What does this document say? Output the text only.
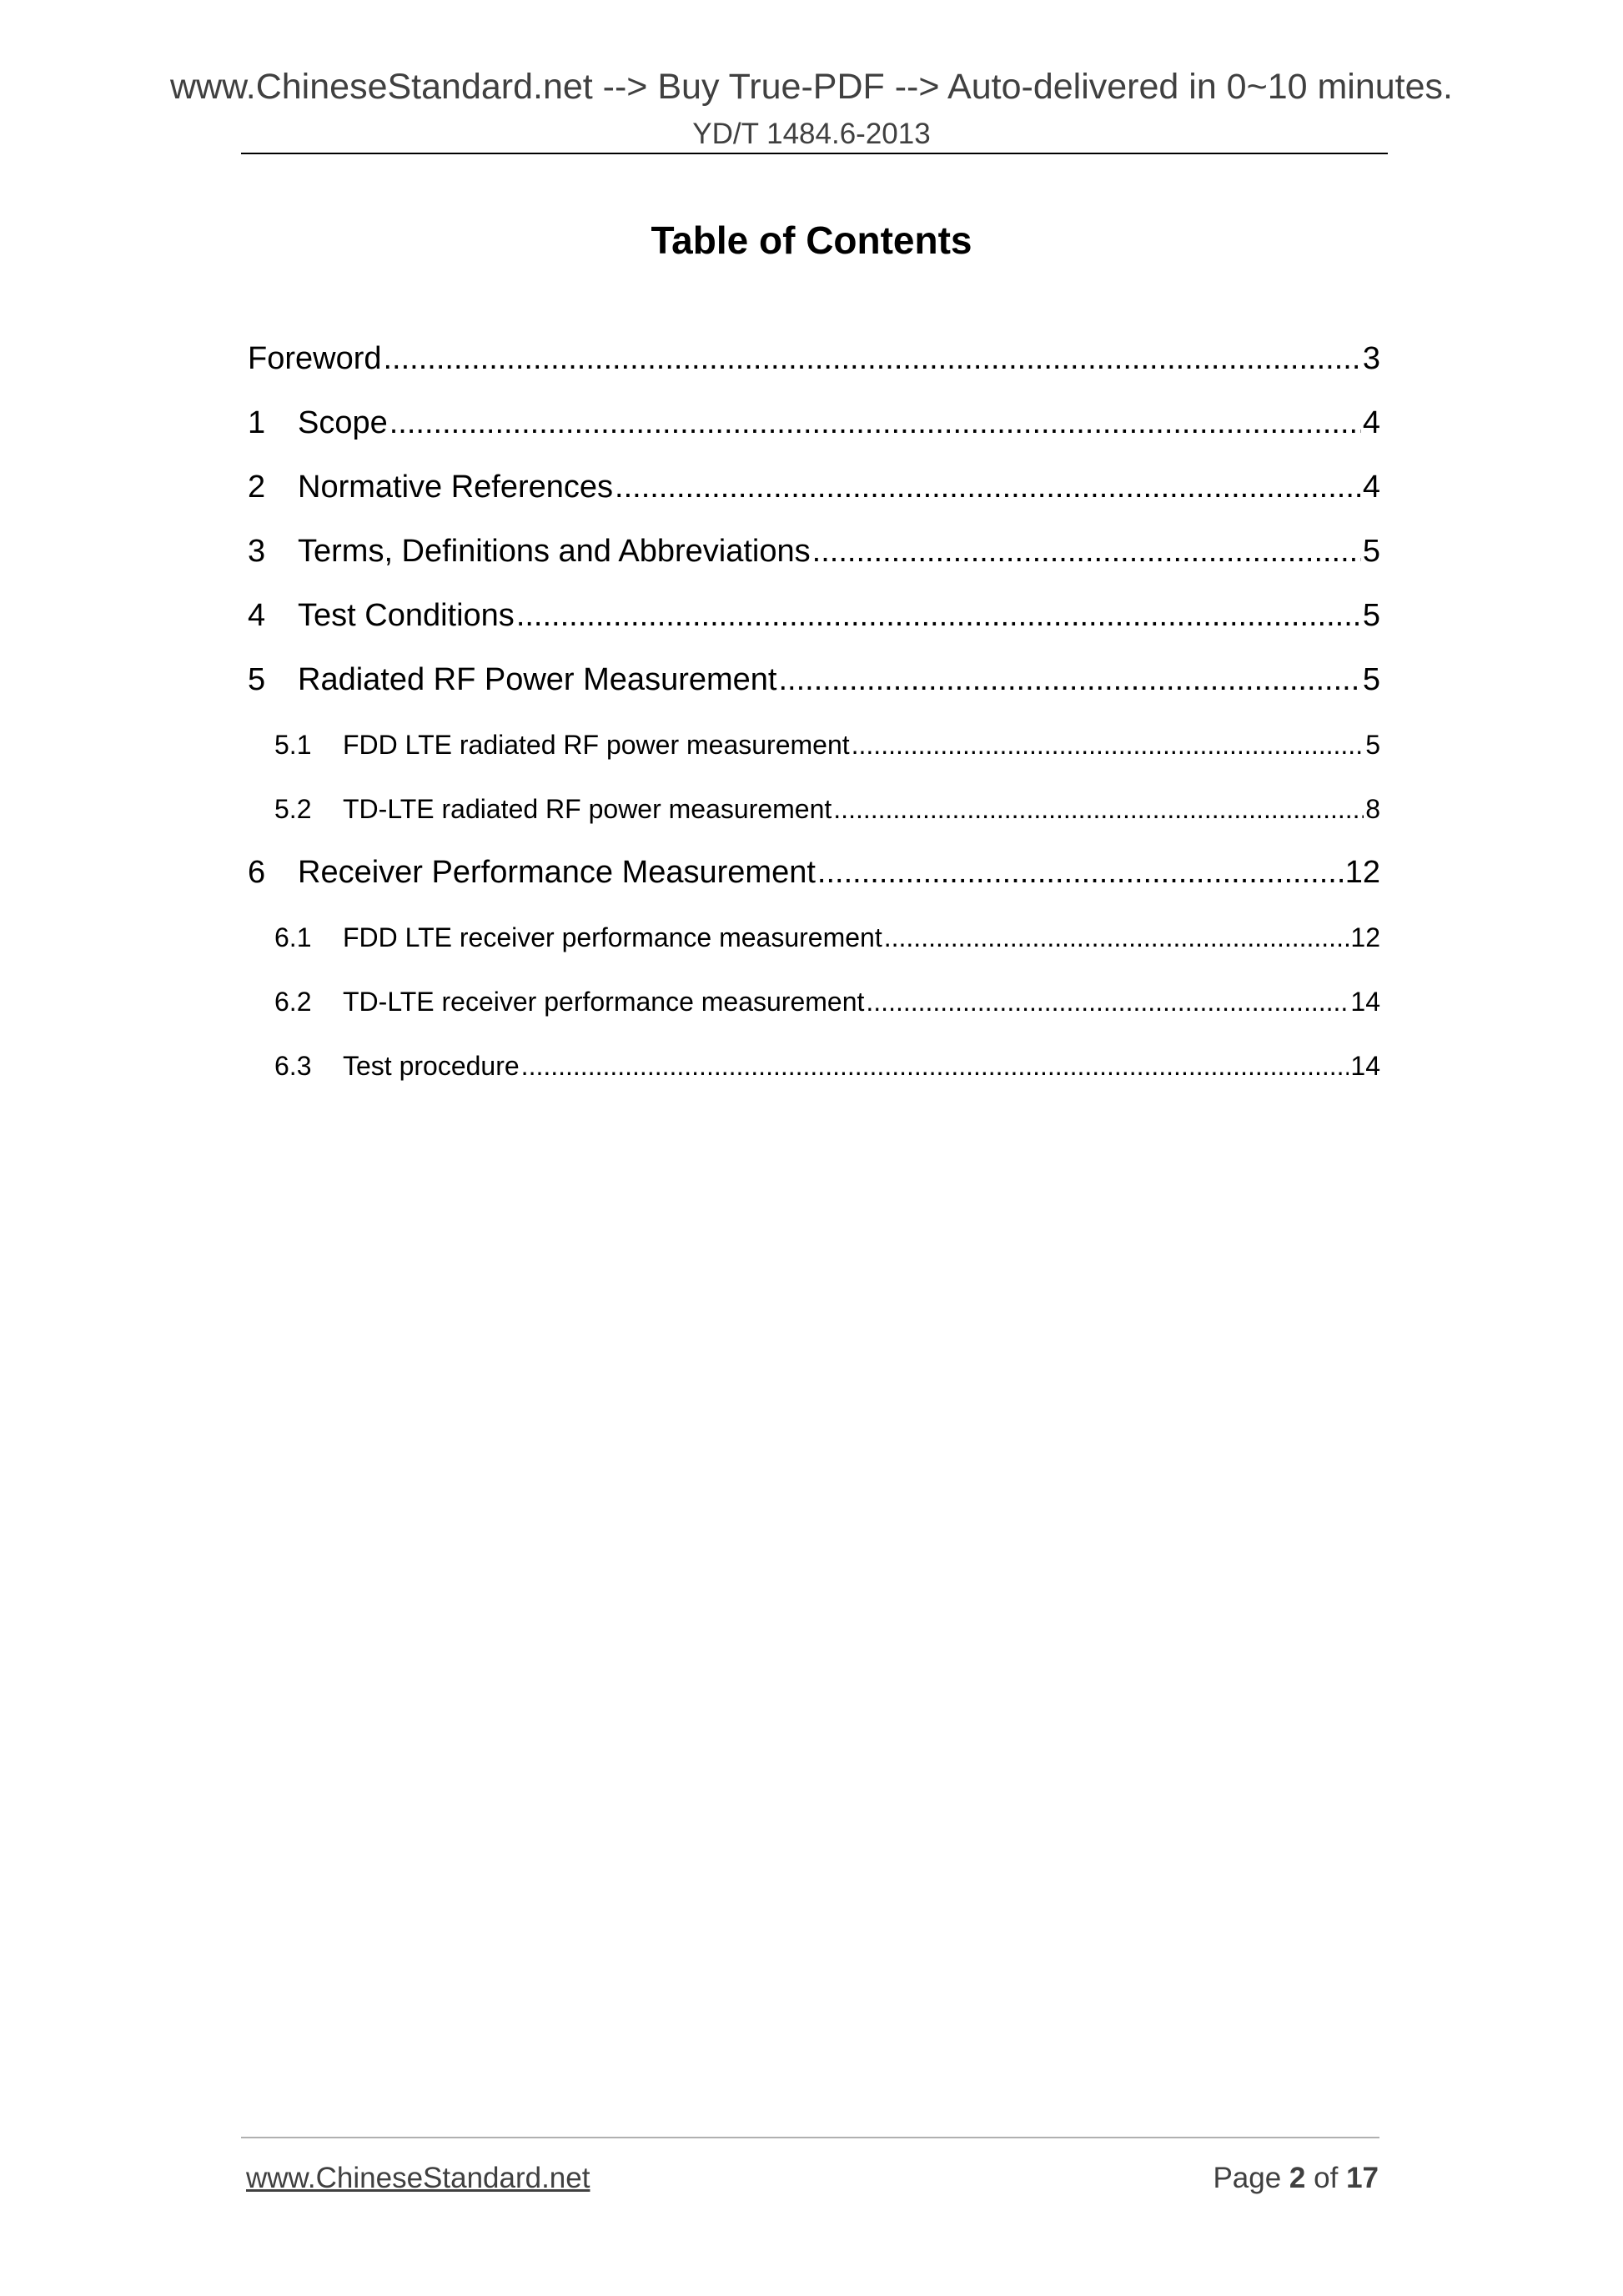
www.ChineseStandard.net --> Buy True-PDF --> Auto-delivered in 0~10 minutes.
YD/T 1484.6-2013
Table of Contents
Foreword .....	3
1	Scope .....	4
2	Normative References .....	4
3	Terms, Definitions and Abbreviations .....	5
4	Test Conditions .....	5
5	Radiated RF Power Measurement .....	5
5.1	FDD LTE radiated RF power measurement .....	5
5.2	TD-LTE radiated RF power measurement .....	8
6	Receiver Performance Measurement .....	12
6.1	FDD LTE receiver performance measurement .....	12
6.2	TD-LTE receiver performance measurement .....	14
6.3	Test procedure .....	14
www.ChineseStandard.net	Page 2 of 17
